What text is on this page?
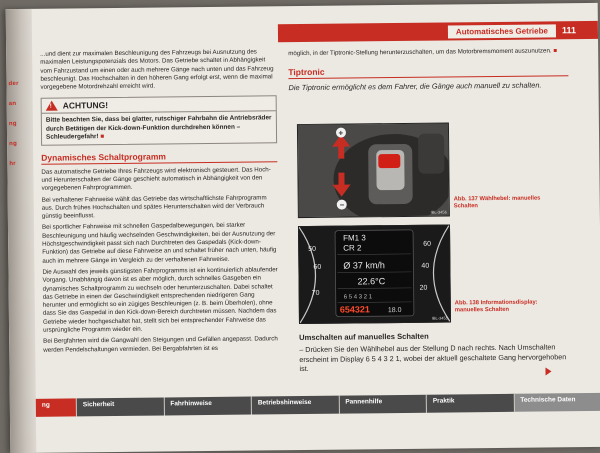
der
an
ng
ng
hr
Automatisches Getriebe	111

...und dient zur maximalen Beschleunigung des Fahrzeugs bei Ausnutzung des maximalen Leistungspotenzials des Motors. Das Getriebe schaltet in Abhängigkeit vom Fahrzustand um einen oder auch mehrere Gänge nach unten und das Fahrzeug beschleunigt. Das Hochschalten in den höheren Gang erfolgt erst, wenn die maximal vorgegebene Motordrehzahl erreicht wird.

! ACHTUNG!
Bitte beachten Sie, dass bei glatter, rutschiger Fahrbahn die Antriebsräder durch Betätigen der Kick-down-Funktion durchdrehen können – Schleudergefahr! ■
Dynamisches Schaltprogramm

Das automatische Getriebe Ihres Fahrzeugs wird elektronisch gesteuert. Das Hoch- und Herunterschalten der Gänge geschieht automatisch in Abhängigkeit von den vorgegebenen Fahrprogrammen.

Bei verhaltener Fahrweise wählt das Getriebe das wirtschaftlichste Fahrprogramm aus. Durch frühes Hochschalten und spätes Herunterschalten wird der Verbrauch günstig beeinflusst.

Bei sportlicher Fahrweise mit schnellen Gaspedalbewegungen, bei starker Beschleunigung und häufig wechselnden Geschwindigkeiten, bei der Ausnutzung der Höchstgeschwindigkeit passt sich nach Durchtreten des Gaspedals (Kick-down-Funktion) das Getriebe auf diese Fahrweise an und schaltet früher nach unten, häufig auch im mehrere Gänge im Vergleich zu der verhaltenen Fahrweise.

Die Auswahl des jeweils günstigsten Fahrprogramms ist ein kontinuierlich ablaufender Vorgang. Unabhängig davon ist es aber möglich, durch schnelles Gasgeben ein dynamisches Schaltprogramm zu wechseln oder herunterzuschalten. Dabei schaltet das Getriebe in einen der Geschwindigkeit entsprechenden niedrigeren Gang herunter und ermöglicht so ein zügiges Beschleunigen (z. B. beim Überholen), ohne dass Sie das Gaspedal in den Kick-down-Bereich durchtreten müssen. Nachdem das Getriebe wieder hochgeschaltet hat, stellt sich bei entsprechender Fahrweise das ursprüngliche Programm wieder ein.

Bei Bergfahrten wird die Gangwahl den Steigungen und Gefällen angepasst. Dadurch werden Pendelschaltungen vermieden. Bei Bergabfahrten ist es

möglich, in der Tiptronic-Stellung herunterzuschalten, um das Motorbremsmoment auszunutzen. ■

Tiptronic
Die Tiptronic ermöglicht es dem Fahrer, die Gänge auch manuell zu schalten.
+
−
IBL-3456
Abb. 137 Wählhebel: manuelles Schalten
50
60
70
60
40
20
FM1 3
CR 2
Ø 37 km/h
22.6°C
6 5 4 3 2 1
654321	18.0
IBL-3455
Abb. 138 Informationsdisplay: manuelles Schalten
Umschalten auf manuelles Schalten

– Drücken Sie den Wählhebel aus der Stellung D nach rechts. Nach Umschalten erscheint im Display 6 5 4 3 2 1, wobei der aktuell geschaltete Gang hervorgehoben ist.

ng	Sicherheit	Fahrhinweise	Betriebshinweise	Pannenhilfe	Praktik	Technische Daten
